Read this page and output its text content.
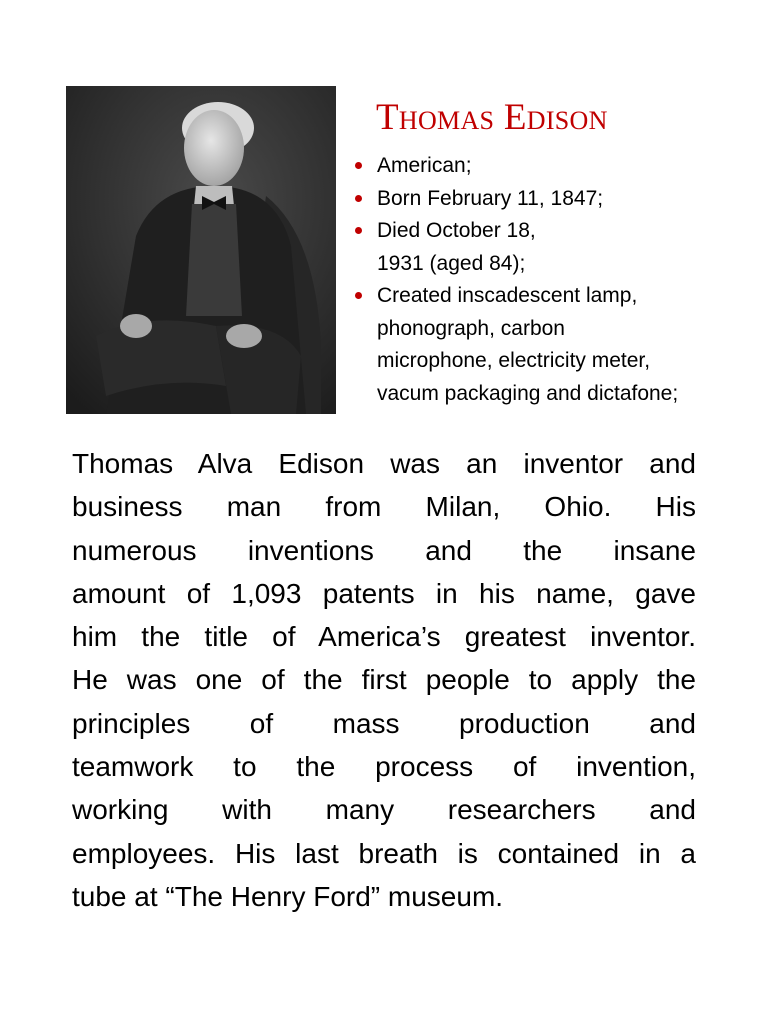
Thomas Edison
American;
Born February 11, 1847;
Died October 18,
1931 (aged 84);
Created inscadescent lamp,
phonograph, carbon
microphone, electricity meter,
vacum packaging and dictafone;
Thomas Alva Edison was an inventor and
business man from Milan, Ohio. His
numerous inventions and the insane
amount of 1,093 patents in his name, gave
him the title of America’s greatest inventor.
He was one of the first people to apply the
principles of mass production and
teamwork to the process of invention,
working with many researchers and
employees. His last breath is contained in a
tube at “The Henry Ford” museum.
